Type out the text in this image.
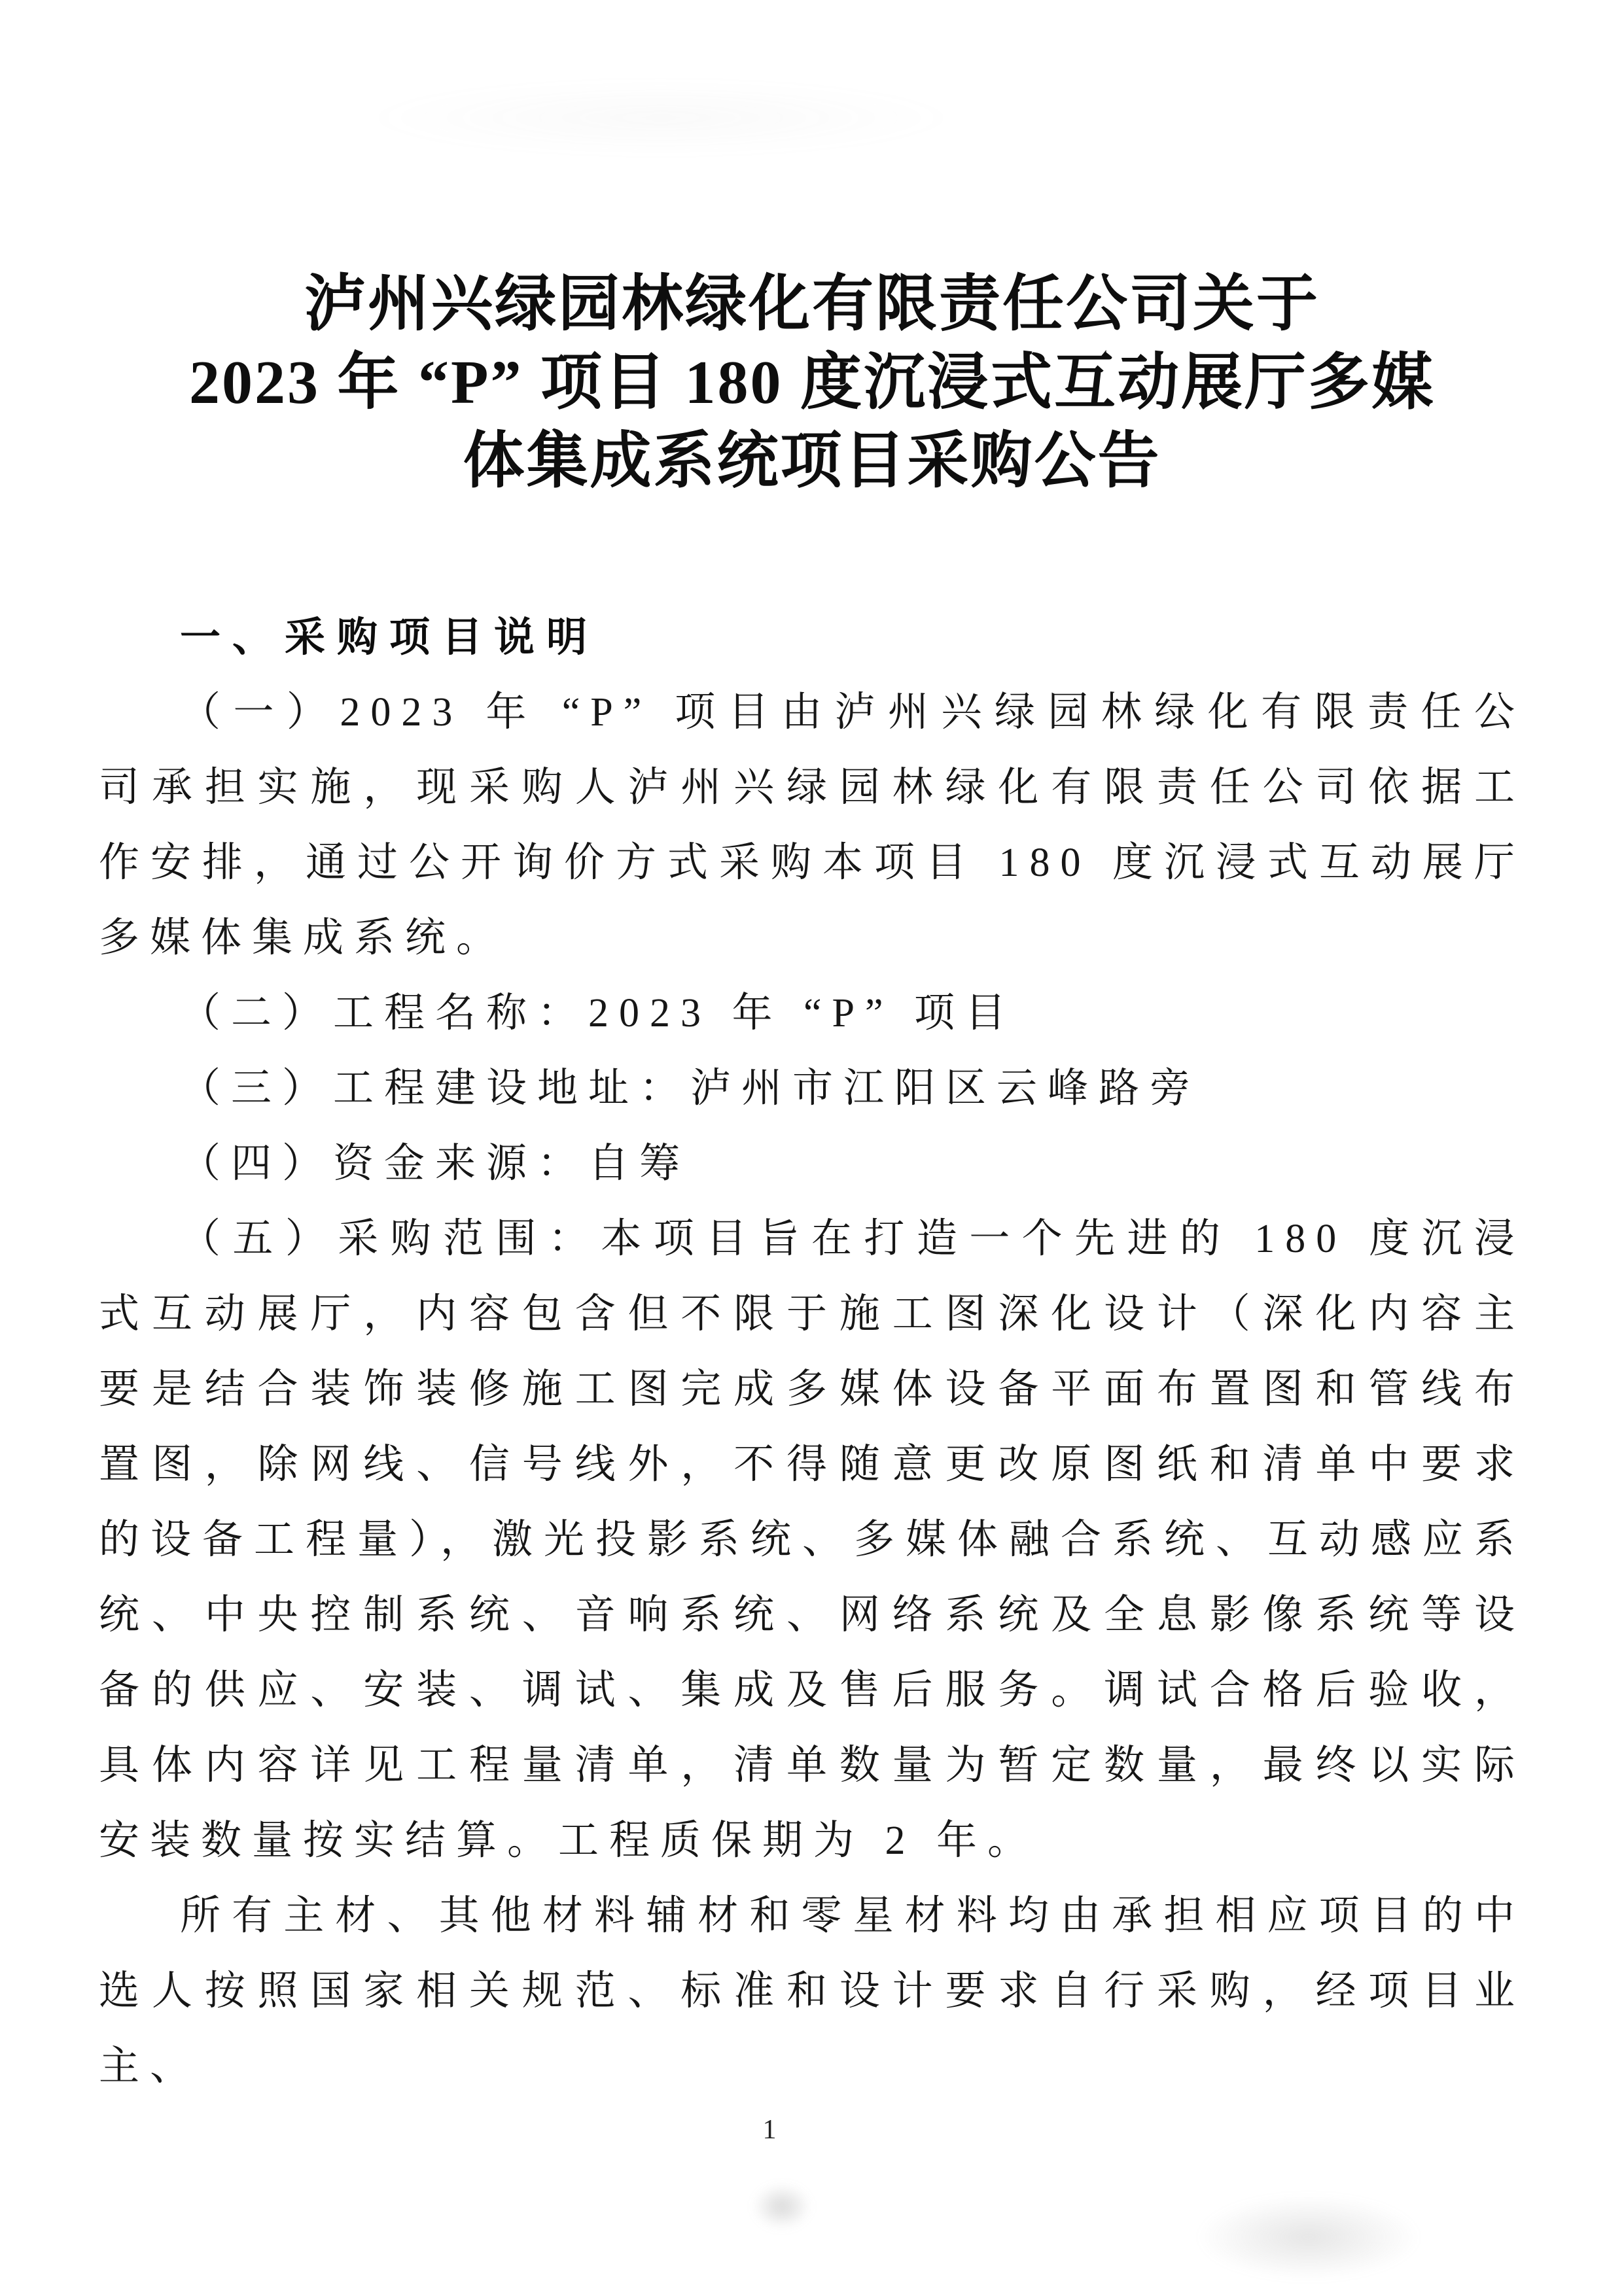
泸州兴绿园林绿化有限责任公司关于
2023 年 “P” 项目 180 度沉浸式互动展厅多媒
体集成系统项目采购公告

一、采购项目说明

（一）2023 年 “P” 项目由泸州兴绿园林绿化有限责任公司承担实施，现采购人泸州兴绿园林绿化有限责任公司依据工作安排，通过公开询价方式采购本项目 180 度沉浸式互动展厅多媒体集成系统。

（二）工程名称：2023 年 “P” 项目

（三）工程建设地址：泸州市江阳区云峰路旁

（四）资金来源：自筹

（五）采购范围：本项目旨在打造一个先进的 180 度沉浸式互动展厅，内容包含但不限于施工图深化设计（深化内容主要是结合装饰装修施工图完成多媒体设备平面布置图和管线布置图，除网线、信号线外，不得随意更改原图纸和清单中要求的设备工程量），激光投影系统、多媒体融合系统、互动感应系统、中央控制系统、音响系统、网络系统及全息影像系统等设备的供应、安装、调试、集成及售后服务。调试合格后验收，具体内容详见工程量清单，清单数量为暂定数量，最终以实际安装数量按实结算。工程质保期为 2 年。

所有主材、其他材料辅材和零星材料均由承担相应项目的中选人按照国家相关规范、标准和设计要求自行采购，经项目业主、

1
